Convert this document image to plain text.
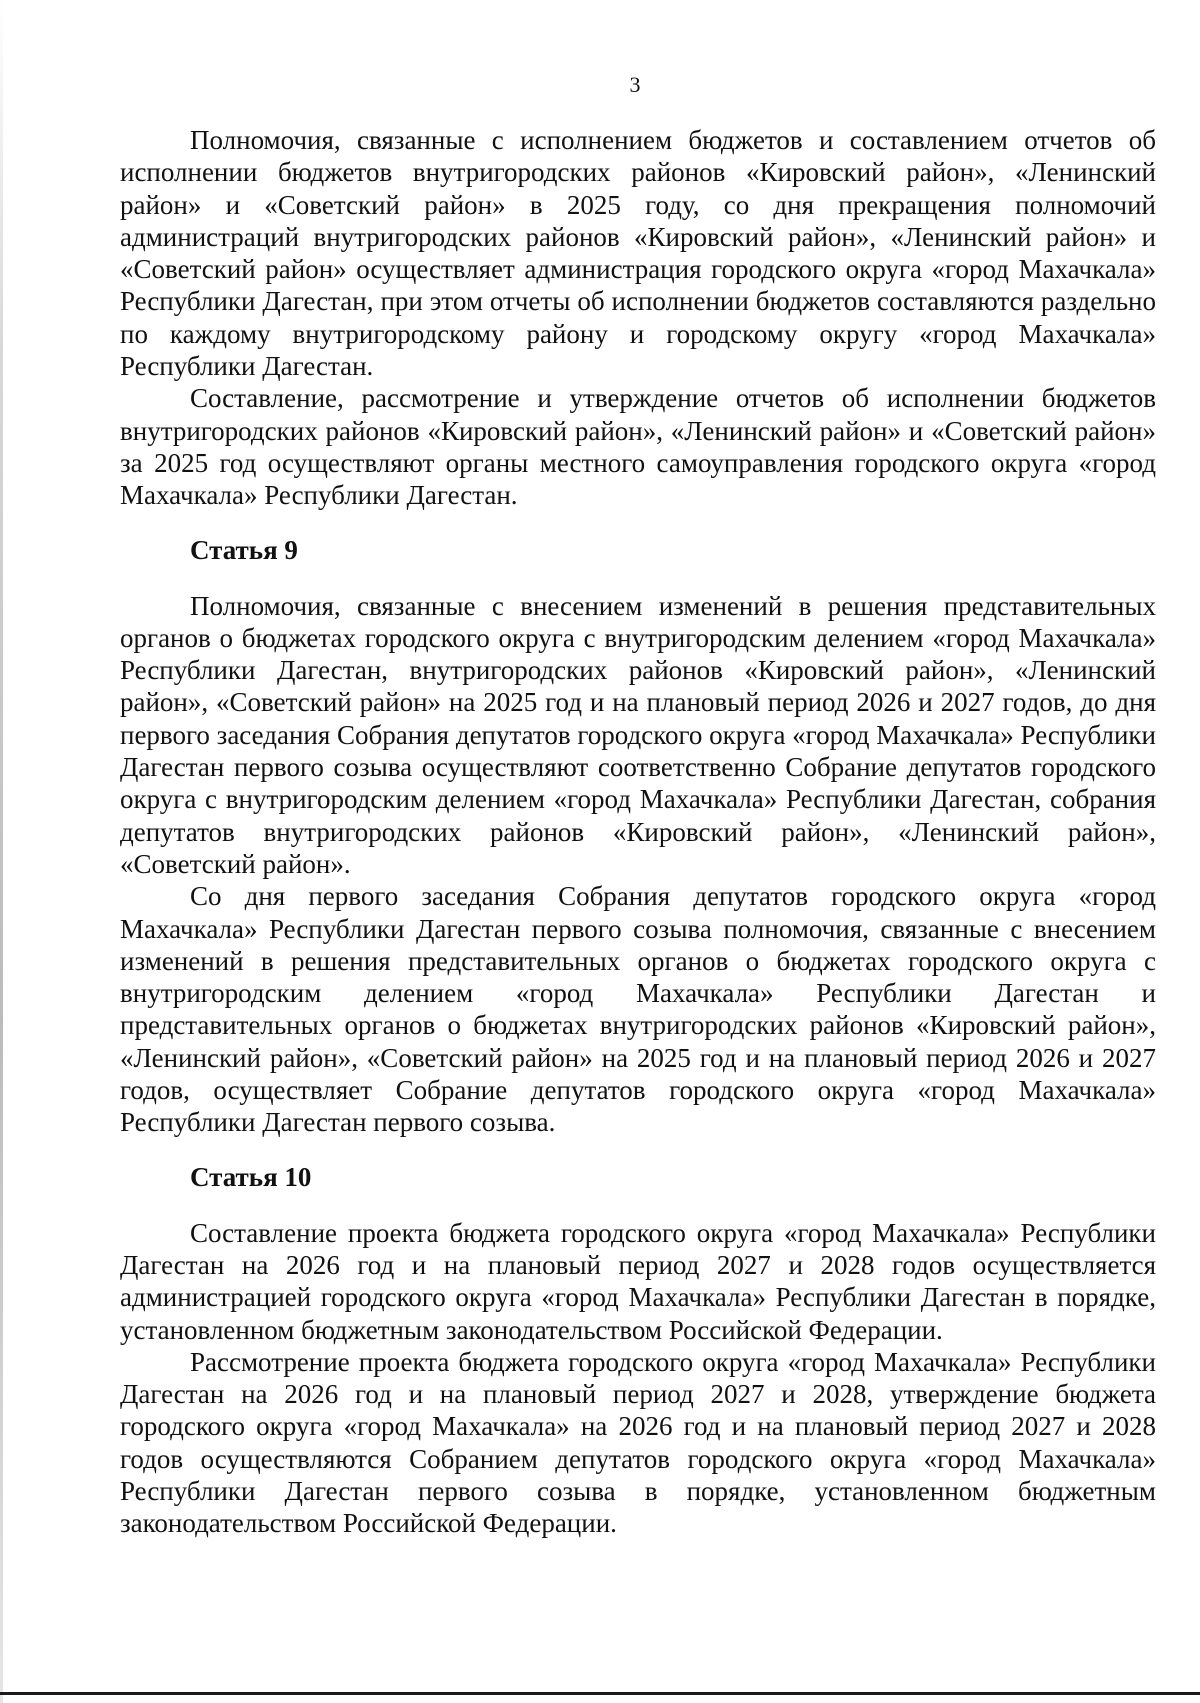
3

Полномочия, связанные с исполнением бюджетов и составлением отчетов об исполнении бюджетов внутригородских районов «Кировский район», «Ленинский район» и «Советский район» в 2025 году, со дня прекращения полномочий администраций внутригородских районов «Кировский район», «Ленинский район» и «Советский район» осуществляет администрация городского округа «город Махачкала» Республики Дагестан, при этом отчеты об исполнении бюджетов составляются раздельно по каждому внутригородскому району и городскому округу «город Махачкала» Республики Дагестан.

Составление, рассмотрение и утверждение отчетов об исполнении бюджетов внутригородских районов «Кировский район», «Ленинский район» и «Советский район» за 2025 год осуществляют органы местного самоуправления городского округа «город Махачкала» Республики Дагестан.

Статья 9

Полномочия, связанные с внесением изменений в решения представительных органов о бюджетах городского округа с внутригородским делением «город Махачкала» Республики Дагестан, внутригородских районов «Кировский район», «Ленинский район», «Советский район» на 2025 год и на плановый период 2026 и 2027 годов, до дня первого заседания Собрания депутатов городского округа «город Махачкала» Республики Дагестан первого созыва осуществляют соответственно Собрание депутатов городского округа с внутригородским делением «город Махачкала» Республики Дагестан, собрания депутатов внутригородских районов «Кировский район», «Ленинский район», «Советский район».

Со дня первого заседания Собрания депутатов городского округа «город Махачкала» Республики Дагестан первого созыва полномочия, связанные с внесением изменений в решения представительных органов о бюджетах городского округа с внутригородским делением «город Махачкала» Республики Дагестан и представительных органов о бюджетах внутригородских районов «Кировский район», «Ленинский район», «Советский район» на 2025 год и на плановый период 2026 и 2027 годов, осуществляет Собрание депутатов городского округа «город Махачкала» Республики Дагестан первого созыва.

Статья 10

Составление проекта бюджета городского округа «город Махачкала» Республики Дагестан на 2026 год и на плановый период 2027 и 2028 годов осуществляется администрацией городского округа «город Махачкала» Республики Дагестан в порядке, установленном бюджетным законодательством Российской Федерации.

Рассмотрение проекта бюджета городского округа «город Махачкала» Республики Дагестан на 2026 год и на плановый период 2027 и 2028, утверждение бюджета городского округа «город Махачкала» на 2026 год и на плановый период 2027 и 2028 годов осуществляются Собранием депутатов городского округа «город Махачкала» Республики Дагестан первого созыва в порядке, установленном бюджетным законодательством Российской Федерации.
